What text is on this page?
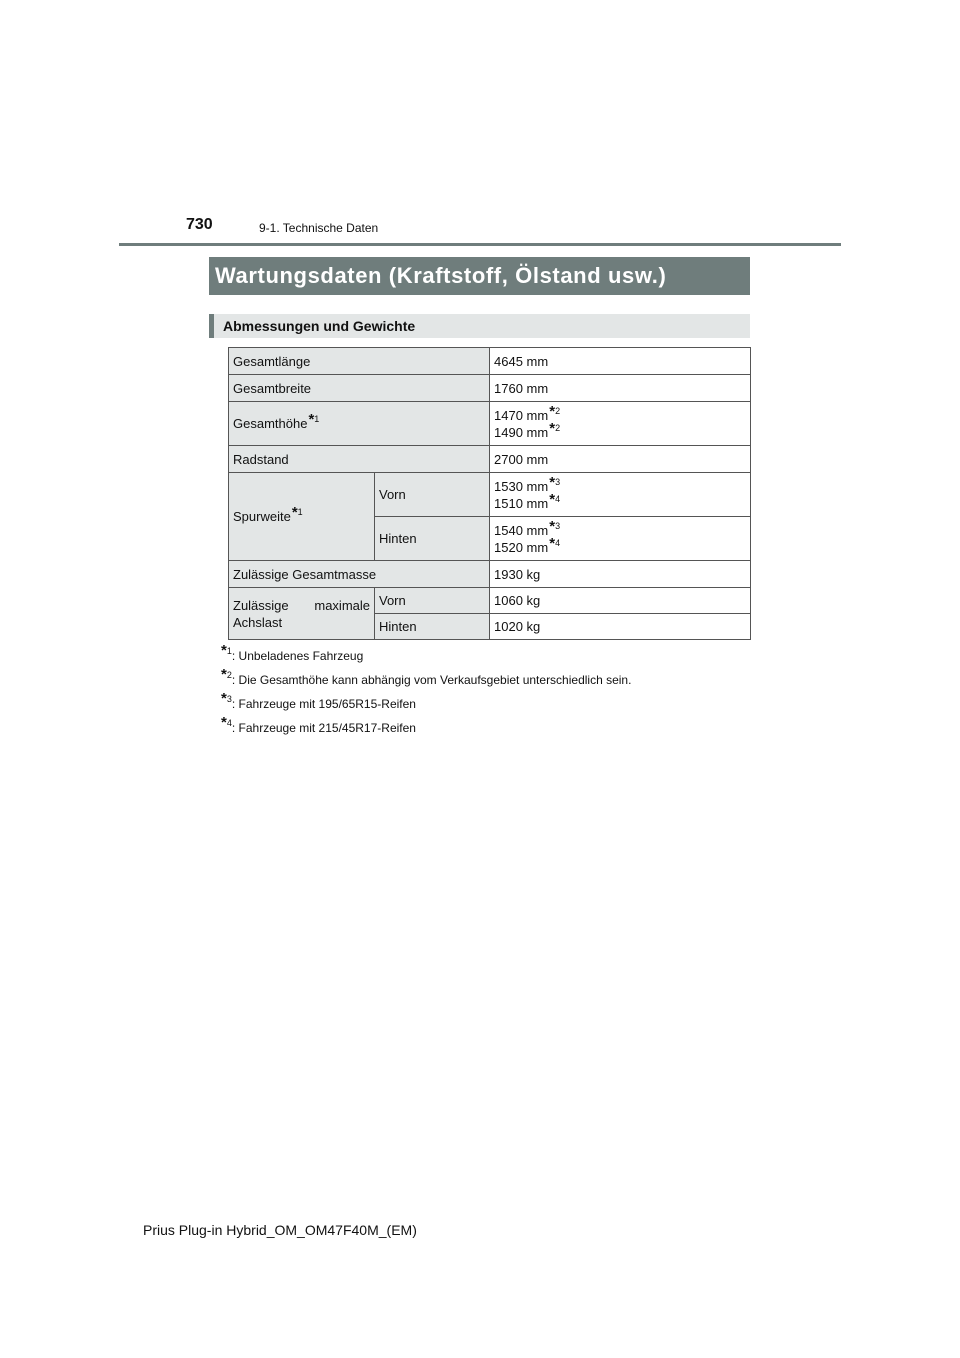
730	9-1. Technische Daten
Wartungsdaten (Kraftstoff, Ölstand usw.)
Abmessungen und Gewichte
Gesamtlänge		4645 mm
Gesamtbreite		1760 mm
Gesamthöhe*$^1$		1470 mm*$^2$
1490 mm*$^2$

Radstand		2700 mm
Spurweite*$^1$	Vorn	1530 mm*$^3$
1510 mm*$^4$

	Hinten	1540 mm*$^3$
1520 mm*$^4$

Zulässige Gesamtmasse		1930 kg

Zulässige maximale
Achslast	Vorn	1060 kg
	Hinten	1020 kg
*$^1$: Unbeladenes Fahrzeug
*$^2$: Die Gesamthöhe kann abhängig vom Verkaufsgebiet unterschiedlich sein.
*$^3$: Fahrzeuge mit 195/65R15-Reifen
*$^4$: Fahrzeuge mit 215/45R17-Reifen
Prius Plug-in Hybrid_OM_OM47F40M_(EM)
